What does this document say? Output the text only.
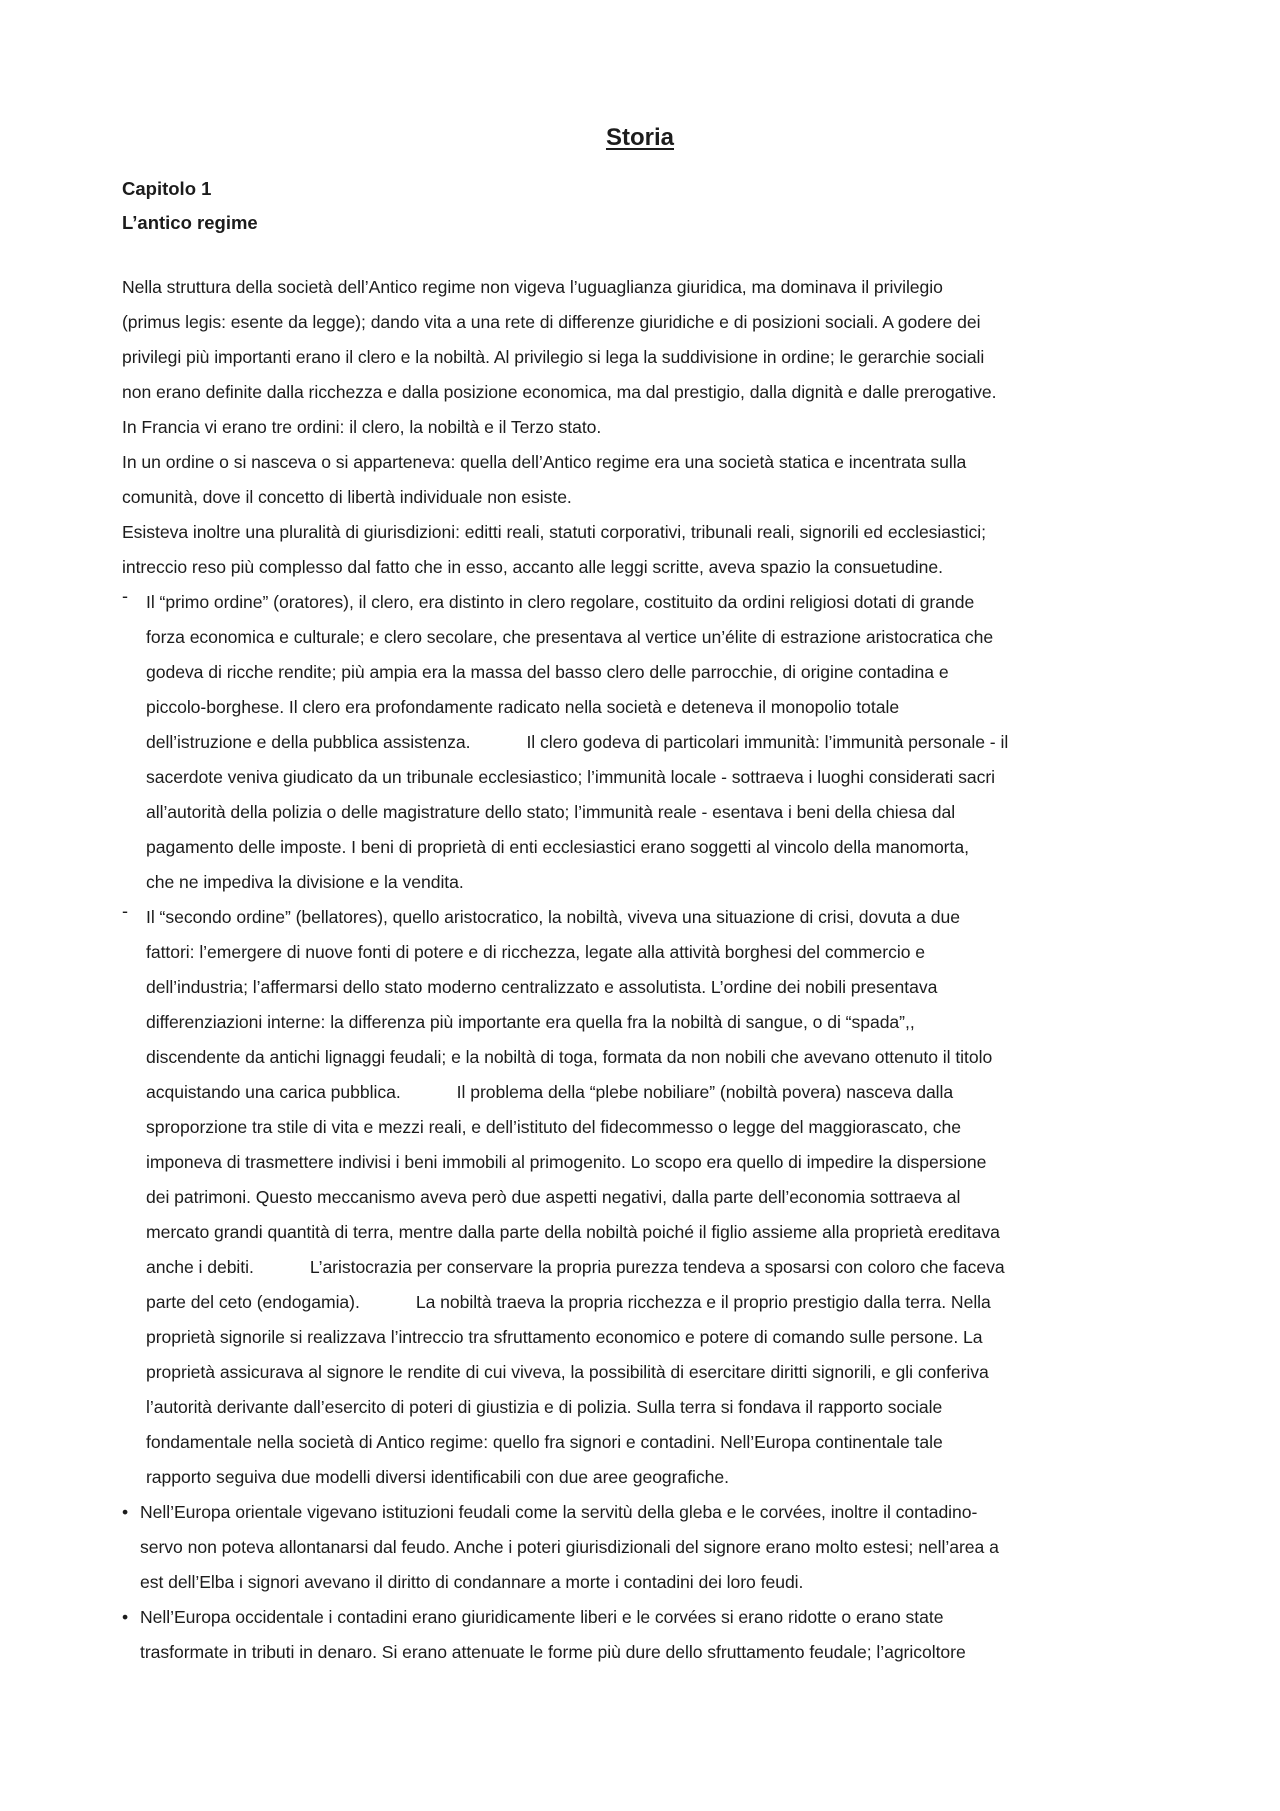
Storia
Capitolo 1
L’antico regime

Nella struttura della società dell’Antico regime non vigeva l’uguaglianza giuridica, ma dominava il privilegio

(primus legis: esente da legge); dando vita a una rete di differenze giuridiche e di posizioni sociali. A godere dei

privilegi più importanti erano il clero e la nobiltà. Al privilegio si lega la suddivisione in ordine; le gerarchie sociali

non erano definite dalla ricchezza e dalla posizione economica, ma dal prestigio, dalla dignità e dalle prerogative.

In Francia vi erano tre ordini: il clero, la nobiltà e il Terzo stato.

In un ordine o si nasceva o si apparteneva: quella dell’Antico regime era una società statica e incentrata sulla

comunità, dove il concetto di libertà individuale non esiste.

Esisteva inoltre una pluralità di giurisdizioni: editti reali, statuti corporativi, tribunali reali, signorili ed ecclesiastici;

intreccio reso più complesso dal fatto che in esso, accanto alle leggi scritte, aveva spazio la consuetudine.

- Il “primo ordine” (oratores), il clero, era distinto in clero regolare, costituito da ordini religiosi dotati di grande

forza economica e culturale; e clero secolare, che presentava al vertice un’élite di estrazione aristocratica che

godeva di ricche rendite; più ampia era la massa del basso clero delle parrocchie, di origine contadina e

piccolo-borghese. Il clero era profondamente radicato nella società e deteneva il monopolio totale

dell’istruzione e della pubblica assistenza.	Il clero godeva di particolari immunità: l’immunità personale - il

sacerdote veniva giudicato da un tribunale ecclesiastico; l’immunità locale - sottraeva i luoghi considerati sacri

all’autorità della polizia o delle magistrature dello stato; l’immunità reale - esentava i beni della chiesa dal

pagamento delle imposte. I beni di proprietà di enti ecclesiastici erano soggetti al vincolo della manomorta,

che ne impediva la divisione e la vendita.

- Il “secondo ordine” (bellatores), quello aristocratico, la nobiltà, viveva una situazione di crisi, dovuta a due

fattori: l’emergere di nuove fonti di potere e di ricchezza, legate alla attività borghesi del commercio e

dell’industria; l’affermarsi dello stato moderno centralizzato e assolutista. L’ordine dei nobili presentava

differenziazioni interne: la differenza più importante era quella fra la nobiltà di sangue, o di “spada”,,

discendente da antichi lignaggi feudali; e la nobiltà di toga, formata da non nobili che avevano ottenuto il titolo

acquistando una carica pubblica.	Il problema della “plebe nobiliare” (nobiltà povera) nasceva dalla

sproporzione tra stile di vita e mezzi reali, e dell’istituto del fidecommesso o legge del maggiorascato, che

imponeva di trasmettere indivisi i beni immobili al primogenito. Lo scopo era quello di impedire la dispersione

dei patrimoni. Questo meccanismo aveva però due aspetti negativi, dalla parte dell’economia sottraeva al

mercato grandi quantità di terra, mentre dalla parte della nobiltà poiché il figlio assieme alla proprietà ereditava

anche i debiti.	L’aristocrazia per conservare la propria purezza tendeva a sposarsi con coloro che faceva

parte del ceto (endogamia).	La nobiltà traeva la propria ricchezza e il proprio prestigio dalla terra. Nella

proprietà signorile si realizzava l’intreccio tra sfruttamento economico e potere di comando sulle persone. La

proprietà assicurava al signore le rendite di cui viveva, la possibilità di esercitare diritti signorili, e gli conferiva

l’autorità derivante dall’esercito di poteri di giustizia e di polizia. Sulla terra si fondava il rapporto sociale

fondamentale nella società di Antico regime: quello fra signori e contadini. Nell’Europa continentale tale

rapporto seguiva due modelli diversi identificabili con due aree geografiche.

• Nell’Europa orientale vigevano istituzioni feudali come la servitù della gleba e le corvées, inoltre il contadino-

servo non poteva allontanarsi dal feudo. Anche i poteri giurisdizionali del signore erano molto estesi; nell’area a

est dell’Elba i signori avevano il diritto di condannare a morte i contadini dei loro feudi.

• Nell’Europa occidentale i contadini erano giuridicamente liberi e le corvées si erano ridotte o erano state

trasformate in tributi in denaro. Si erano attenuate le forme più dure dello sfruttamento feudale; l’agricoltore
